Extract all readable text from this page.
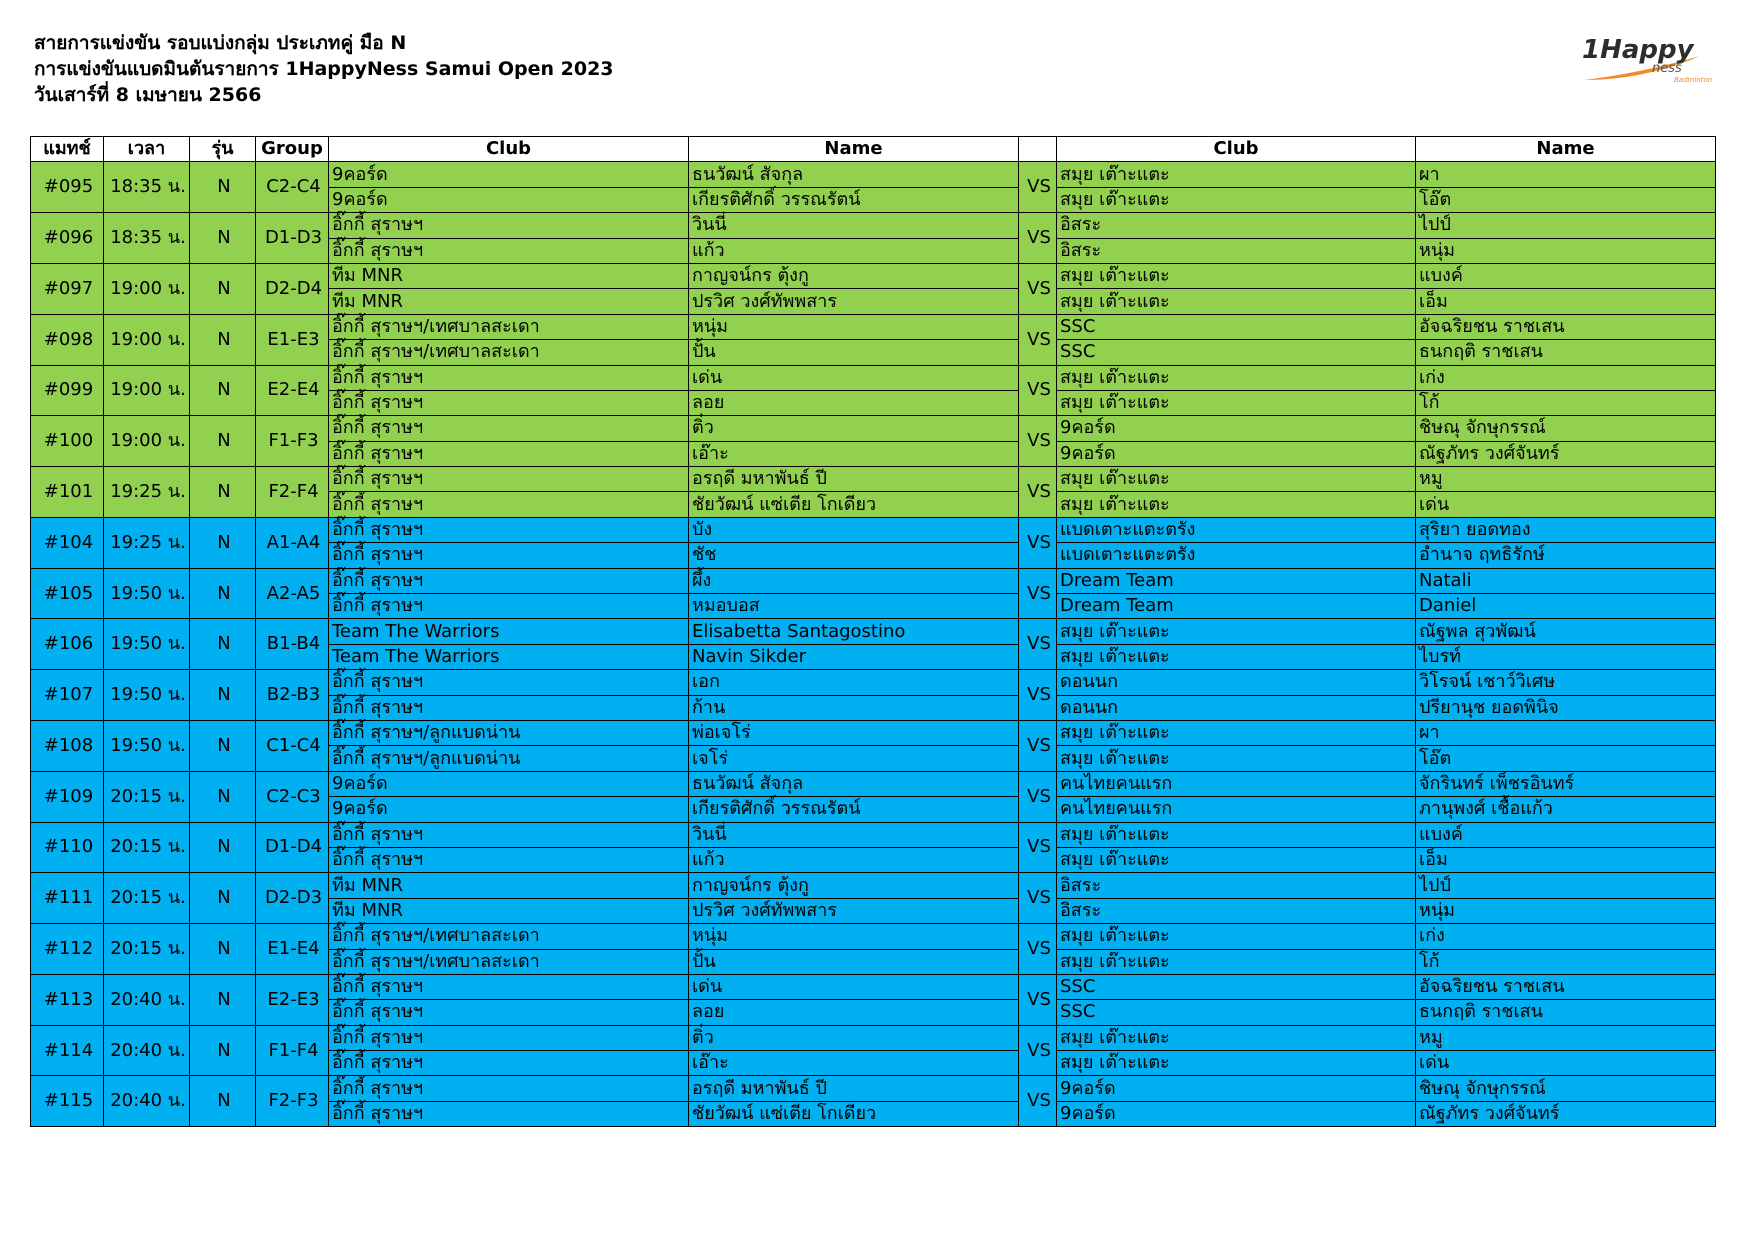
สายการแข่งขัน รอบแบ่งกลุ่ม ประเภทคู่ มือ N
การแข่งขันแบดมินตันรายการ 1HappyNess Samui Open 2023
วันเสาร์ที่ 8 เมษายน 2566
1Happy
ness
Badminton
แมทช์	เวลา	รุ่น	Group	Club	Name		Club	Name
#095	18:35 น.	N	C2-C4	9คอร์ด	ธนวัฒน์ สัจกุล	VS	สมุย เต๊าะแตะ	ผา
				9คอร์ด	เกียรติศักดิ์ วรรณรัตน์		สมุย เต๊าะแตะ	โอ๊ต
#096	18:35 น.	N	D1-D3	อิ๊กกี้ สุราษฯ	วินนี่	VS	อิสระ	ไปป์
				อิ๊กกี้ สุราษฯ	แก้ว		อิสระ	หนุ่ม
#097	19:00 น.	N	D2-D4	ทีม MNR	กาญจน์กร ตุ้งกู	VS	สมุย เต๊าะแตะ	แบงค์
				ทีม MNR	ปรวิศ วงศ์ทัพพสาร		สมุย เต๊าะแตะ	เอ็ม
#098	19:00 น.	N	E1-E3	อิ๊กกี้ สุราษฯ/เทศบาลสะเดา	หนุ่ม	VS	SSC	อัจฉริยชน ราชเสน
				อิ๊กกี้ สุราษฯ/เทศบาลสะเดา	ปั้น		SSC	ธนกฤติ ราชเสน
#099	19:00 น.	N	E2-E4	อิ๊กกี้ สุราษฯ	เด่น	VS	สมุย เต๊าะแตะ	เก่ง
				อิ๊กกี้ สุราษฯ	ลอย		สมุย เต๊าะแตะ	โก้
#100	19:00 น.	N	F1-F3	อิ๊กกี้ สุราษฯ	ติ๋ว	VS	9คอร์ด	ชิษณุ จักษุกรรณ์
				อิ๊กกี้ สุราษฯ	เอ๊าะ		9คอร์ด	ณัฐภัทร วงศ์จันทร์
#101	19:25 น.	N	F2-F4	อิ๊กกี้ สุราษฯ	อรฤดี มหาพันธ์ ปี	VS	สมุย เต๊าะแตะ	หมู
				อิ๊กกี้ สุราษฯ	ชัยวัฒน์ แซ่เตีย โกเดียว		สมุย เต๊าะแตะ	เด่น
#104	19:25 น.	N	A1-A4	อิ๊กกี้ สุราษฯ	บัง	VS	แบดเตาะแตะตรัง	สุริยา ยอดทอง
				อิ๊กกี้ สุราษฯ	ชัช		แบดเตาะแตะตรัง	อำนาจ ฤทธิรักษ์
#105	19:50 น.	N	A2-A5	อิ๊กกี้ สุราษฯ	ผึ้ง	VS	Dream Team	Natali
				อิ๊กกี้ สุราษฯ	หมอบอส		Dream Team	Daniel
#106	19:50 น.	N	B1-B4	Team The Warriors	Elisabetta Santagostino	VS	สมุย เต๊าะแตะ	ณัฐพล สุวพัฒน์
				Team The Warriors	Navin Sikder		สมุย เต๊าะแตะ	ไบรท์
#107	19:50 น.	N	B2-B3	อิ๊กกี้ สุราษฯ	เอก	VS	ดอนนก	วิโรจน์ เชาว์วิเศษ
				อิ๊กกี้ สุราษฯ	ก้าน		ดอนนก	ปรียานุช ยอดพินิจ
#108	19:50 น.	N	C1-C4	อิ๊กกี้ สุราษฯ/ลูกแบดน่าน	พ่อเจโร่	VS	สมุย เต๊าะแตะ	ผา
				อิ๊กกี้ สุราษฯ/ลูกแบดน่าน	เจโร่		สมุย เต๊าะแตะ	โอ๊ต
#109	20:15 น.	N	C2-C3	9คอร์ด	ธนวัฒน์ สัจกุล	VS	คนไทยคนแรก	จักรินทร์ เพ็ชรอินทร์
				9คอร์ด	เกียรติศักดิ์ วรรณรัตน์		คนไทยคนแรก	ภานุพงศ์ เชื้อแก้ว
#110	20:15 น.	N	D1-D4	อิ๊กกี้ สุราษฯ	วินนี่	VS	สมุย เต๊าะแตะ	แบงค์
				อิ๊กกี้ สุราษฯ	แก้ว		สมุย เต๊าะแตะ	เอ็ม
#111	20:15 น.	N	D2-D3	ทีม MNR	กาญจน์กร ตุ้งกู	VS	อิสระ	ไปป์
				ทีม MNR	ปรวิศ วงศ์ทัพพสาร		อิสระ	หนุ่ม
#112	20:15 น.	N	E1-E4	อิ๊กกี้ สุราษฯ/เทศบาลสะเดา	หนุ่ม	VS	สมุย เต๊าะแตะ	เก่ง
				อิ๊กกี้ สุราษฯ/เทศบาลสะเดา	ปั้น		สมุย เต๊าะแตะ	โก้
#113	20:40 น.	N	E2-E3	อิ๊กกี้ สุราษฯ	เด่น	VS	SSC	อัจฉริยชน ราชเสน
				อิ๊กกี้ สุราษฯ	ลอย		SSC	ธนกฤติ ราชเสน
#114	20:40 น.	N	F1-F4	อิ๊กกี้ สุราษฯ	ติ๋ว	VS	สมุย เต๊าะแตะ	หมู
				อิ๊กกี้ สุราษฯ	เอ๊าะ		สมุย เต๊าะแตะ	เด่น
#115	20:40 น.	N	F2-F3	อิ๊กกี้ สุราษฯ	อรฤดี มหาพันธ์ ปี	VS	9คอร์ด	ชิษณุ จักษุกรรณ์
				อิ๊กกี้ สุราษฯ	ชัยวัฒน์ แซ่เตีย โกเดียว		9คอร์ด	ณัฐภัทร วงศ์จันทร์
